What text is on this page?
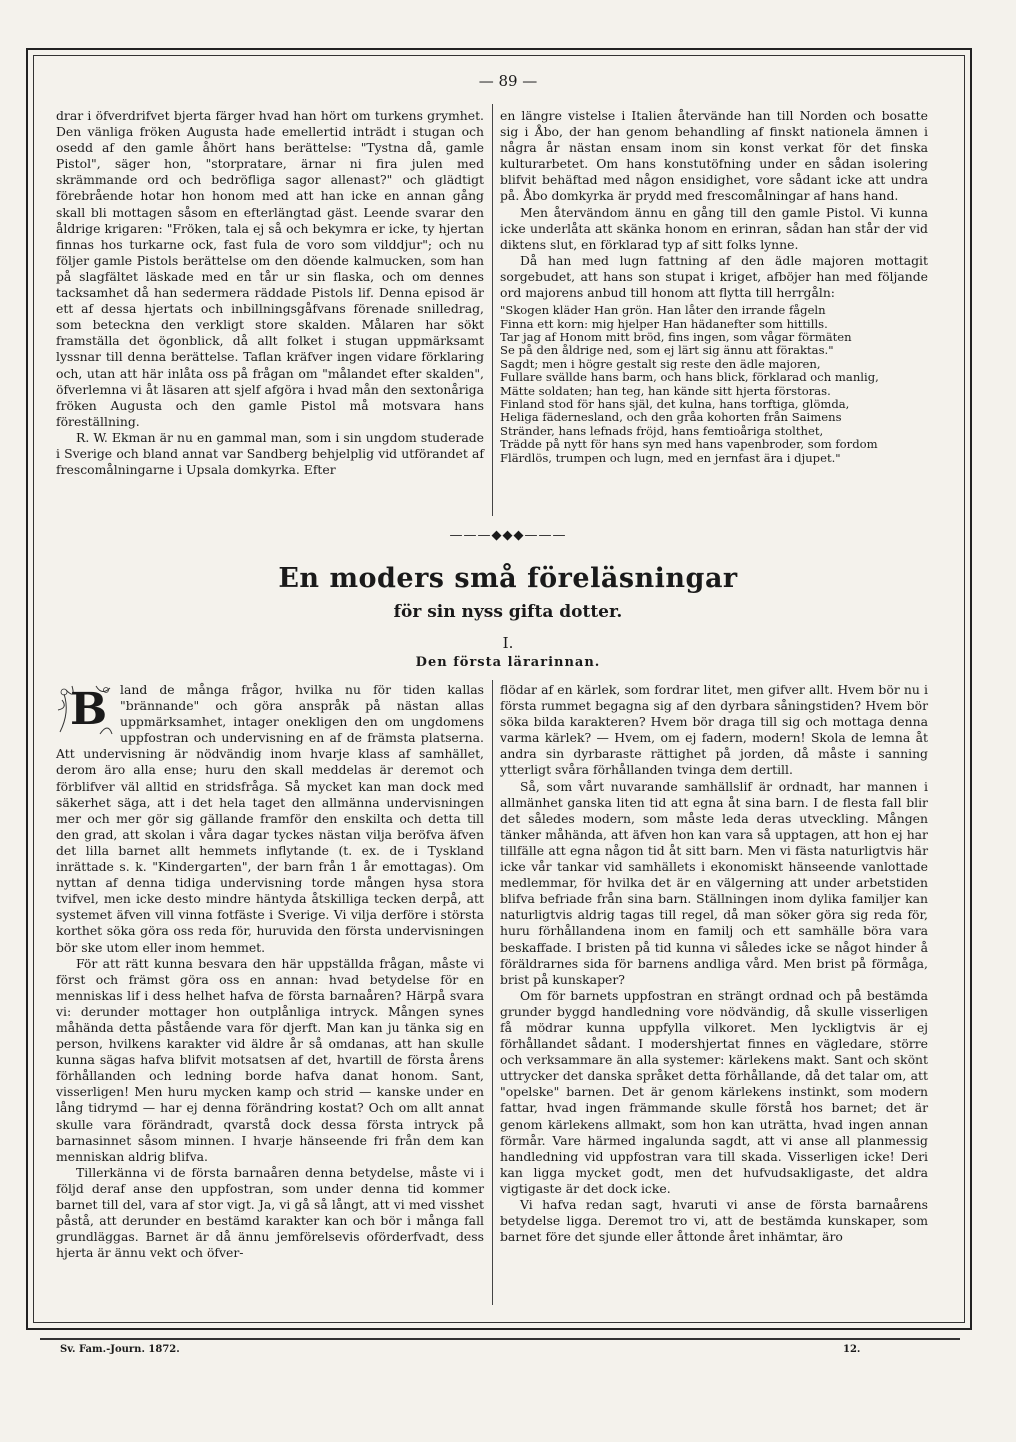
— 89 —

drar i öfverdrifvet bjerta färger hvad han hört om turkens grymhet. Den vänliga fröken Augusta hade emellertid inträdt i stugan och osedd af den gamle åhört hans berättelse: "Tystna då, gamle Pistol", säger hon, "storpratare, ärnar ni fira julen med skrämmande ord och bedröfliga sagor allenast?" och glädtigt förebrående hotar hon honom med att han icke en annan gång skall bli mottagen såsom en efterlängtad gäst. Leende svarar den åldrige krigaren: "Fröken, tala ej så och bekymra er icke, ty hjertan finnas hos turkarne ock, fast fula de voro som vilddjur"; och nu följer gamle Pistols berättelse om den döende kalmucken, som han på slagfältet läskade med en tår ur sin flaska, och om dennes tacksamhet då han sedermera räddade Pistols lif. Denna episod är ett af dessa hjertats och inbillningsgåfvans förenade snilledrag, som beteckna den verkligt store skalden. Målaren har sökt framställa det ögonblick, då allt folket i stugan uppmärksamt lyssnar till denna berättelse. Taflan kräfver ingen vidare förklaring och, utan att här inlåta oss på frågan om "målandet efter skalden", öfverlemna vi åt läsaren att sjelf afgöra i hvad mån den sextonåriga fröken Augusta och den gamle Pistol må motsvara hans föreställning.

R. W. Ekman är nu en gammal man, som i sin ungdom studerade i Sverige och bland annat var Sandberg behjelplig vid utförandet af frescomålningarne i Upsala domkyrka. Efter

en längre vistelse i Italien återvände han till Norden och bosatte sig i Åbo, der han genom behandling af finskt nationela ämnen i några år nästan ensam inom sin konst verkat för det finska kulturarbetet. Om hans konstutöfning under en sådan isolering blifvit behäftad med någon ensidighet, vore sådant icke att undra på. Åbo domkyrka är prydd med frescomålningar af hans hand.

Men återvändom ännu en gång till den gamle Pistol. Vi kunna icke underlåta att skänka honom en erinran, sådan han står der vid diktens slut, en förklarad typ af sitt folks lynne.

Då han med lugn fattning af den ädle majoren mottagit sorgebudet, att hans son stupat i kriget, afböjer han med följande ord majorens anbud till honom att flytta till herrgåln:

"Skogen kläder Han grön. Han låter den irrande fågeln
Finna ett korn: mig hjelper Han hädanefter som hittills.
Tar jag af Honom mitt bröd, fins ingen, som vågar förmäten
Se på den åldrige ned, som ej lärt sig ännu att föraktas."
Sagdt; men i högre gestalt sig reste den ädle majoren,
Fullare svällde hans barm, och hans blick, förklarad och manlig,
Mätte soldaten; han teg, han kände sitt hjerta förstoras.
Finland stod för hans själ, det kulna, hans torftiga, glömda,
Heliga fädernesland, och den gråa kohorten från Saimens
Stränder, hans lefnads fröjd, hans femtioåriga stolthet,
Trädde på nytt för hans syn med hans vapenbroder, som fordom
Flärdlös, trumpen och lugn, med en jernfast ära i djupet."
———◆◆◆———
En moders små föreläsningar
för sin nyss gifta dotter.
I.
Den första lärarinnan.

B land de många frågor, hvilka nu för tiden kallas "brännande" och göra anspråk på nästan allas uppmärksamhet, intager onekligen den om ungdomens uppfostran och undervisning en af de främsta platserna. Att undervisning är nödvändig inom hvarje klass af samhället, derom äro alla ense; huru den skall meddelas är deremot och förblifver väl alltid en stridsfråga. Så mycket kan man dock med säkerhet säga, att i det hela taget den allmänna undervisningen mer och mer gör sig gällande framför den enskilta och detta till den grad, att skolan i våra dagar tyckes nästan vilja beröfva äfven det lilla barnet allt hemmets inflytande (t. ex. de i Tyskland inrättade s. k. "Kindergarten", der barn från 1 år emottagas). Om nyttan af denna tidiga undervisning torde mången hysa stora tvifvel, men icke desto mindre häntyda åtskilliga tecken derpå, att systemet äfven vill vinna fotfäste i Sverige. Vi vilja derföre i största korthet söka göra oss reda för, huruvida den första undervisningen bör ske utom eller inom hemmet.

För att rätt kunna besvara den här uppställda frågan, måste vi först och främst göra oss en annan: hvad betydelse för en menniskas lif i dess helhet hafva de första barnaåren? Härpå svara vi: derunder mottager hon outplånliga intryck. Mången synes måhända detta påstående vara för djerft. Man kan ju tänka sig en person, hvilkens karakter vid äldre år så omdanas, att han skulle kunna sägas hafva blifvit motsatsen af det, hvartill de första årens förhållanden och ledning borde hafva danat honom. Sant, visserligen! Men huru mycken kamp och strid — kanske under en lång tidrymd — har ej denna förändring kostat? Och om allt annat skulle vara förändradt, qvarstå dock dessa första intryck på barnasinnet såsom minnen. I hvarje hänseende fri från dem kan menniskan aldrig blifva.

Tillerkänna vi de första barnaåren denna betydelse, måste vi i följd deraf anse den uppfostran, som under denna tid kommer barnet till del, vara af stor vigt. Ja, vi gå så långt, att vi med visshet påstå, att derunder en bestämd karakter kan och bör i många fall grundläggas. Barnet är då ännu jemförelsevis oförderfvadt, dess hjerta är ännu vekt och öfver-

flödar af en kärlek, som fordrar litet, men gifver allt. Hvem bör nu i första rummet begagna sig af den dyrbara såningstiden? Hvem bör söka bilda karakteren? Hvem bör draga till sig och mottaga denna varma kärlek? — Hvem, om ej fadern, modern! Skola de lemna åt andra sin dyrbaraste rättighet på jorden, då måste i sanning ytterligt svåra förhållanden tvinga dem dertill.

Så, som vårt nuvarande samhällslif är ordnadt, har mannen i allmänhet ganska liten tid att egna åt sina barn. I de flesta fall blir det således modern, som måste leda deras utveckling. Mången tänker måhända, att äfven hon kan vara så upptagen, att hon ej har tillfälle att egna någon tid åt sitt barn. Men vi fästa naturligtvis här icke vår tankar vid samhällets i ekonomiskt hänseende vanlottade medlemmar, för hvilka det är en välgerning att under arbetstiden blifva befriade från sina barn. Ställningen inom dylika familjer kan naturligtvis aldrig tagas till regel, då man söker göra sig reda för, huru förhållandena inom en familj och ett samhälle böra vara beskaffade. I bristen på tid kunna vi således icke se något hinder å föräldrarnes sida för barnens andliga vård. Men brist på förmåga, brist på kunskaper?

Om för barnets uppfostran en strängt ordnad och på bestämda grunder byggd handledning vore nödvändig, då skulle visserligen få mödrar kunna uppfylla vilkoret. Men lyckligtvis är ej förhållandet sådant. I modershjertat finnes en vägledare, större och verksammare än alla systemer: kärlekens makt. Sant och skönt uttrycker det danska språket detta förhållande, då det talar om, att "opelske" barnen. Det är genom kärlekens instinkt, som modern fattar, hvad ingen främmande skulle förstå hos barnet; det är genom kärlekens allmakt, som hon kan uträtta, hvad ingen annan förmår. Vare härmed ingalunda sagdt, att vi anse all planmessig handledning vid uppfostran vara till skada. Visserligen icke! Deri kan ligga mycket godt, men det hufvudsakligaste, det aldra vigtigaste är det dock icke.

Vi hafva redan sagt, hvaruti vi anse de första barnaårens betydelse ligga. Deremot tro vi, att de bestämda kunskaper, som barnet före det sjunde eller åttonde året inhämtar, äro

Sv. Fam.-Journ. 1872.	12.
